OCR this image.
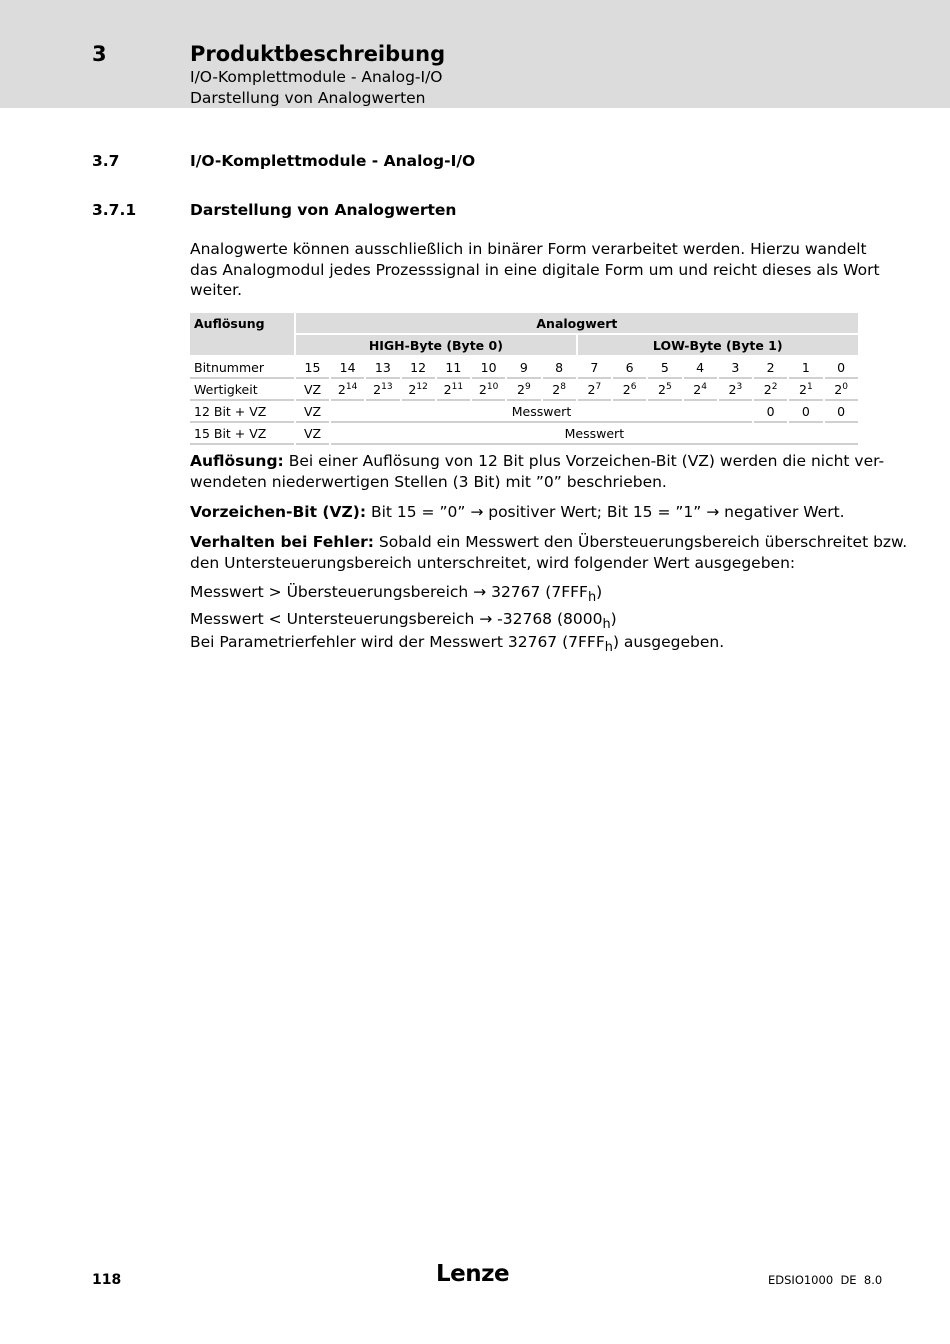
3	Produktbeschreibung
I/O-Komplettmodule - Analog-I/O
Darstellung von Analogwerten
3.7	I/O-Komplettmodule - Analog-I/O
3.7.1	Darstellung von Analogwerten
Analogwerte können ausschließlich in binärer Form verarbeitet werden. Hierzu wandelt
das Analogmodul jedes Prozesssignal in eine digitale Form um und reicht dieses als Wort
weiter.
Auflösung	Analogwert															
	HIGH-Byte (Byte 0)								LOW-Byte (Byte 1)							
Bitnummer	15	14	13	12	11	10	9	8	7	6	5	4	3	2	1	0
Wertigkeit	VZ	$2^{14}$	$2^{13}$	$2^{12}$	$2^{11}$	$2^{10}$	$2^9$	$2^8$	$2^7$	$2^6$	$2^5$	$2^4$	$2^3$	$2^2$	$2^1$	$2^0$
12 Bit + VZ	VZ	Messwert												0	0	0
15 Bit + VZ	VZ	Messwert														
Auflösung: Bei einer Auflösung von 12 Bit plus Vorzeichen-Bit (VZ) werden die nicht ver-
wendeten niederwertigen Stellen (3 Bit) mit ”0” beschrieben.
Vorzeichen-Bit (VZ): Bit 15 = ”0” → positiver Wert; Bit 15 = ”1” → negativer Wert.
Verhalten bei Fehler: Sobald ein Messwert den Übersteuerungsbereich überschreitet bzw.
den Untersteuerungsbereich unterschreitet, wird folgender Wert ausgegeben:
Messwert > Übersteuerungsbereich → 32767 $(7FFF_h)$
Messwert < Untersteuerungsbereich → -32768 $(8000_h)$
Bei Parametrierfehler wird der Messwert 32767 $(7FFF_h)$ ausgegeben.
118	Lenze	EDSIO1000  DE  8.0
